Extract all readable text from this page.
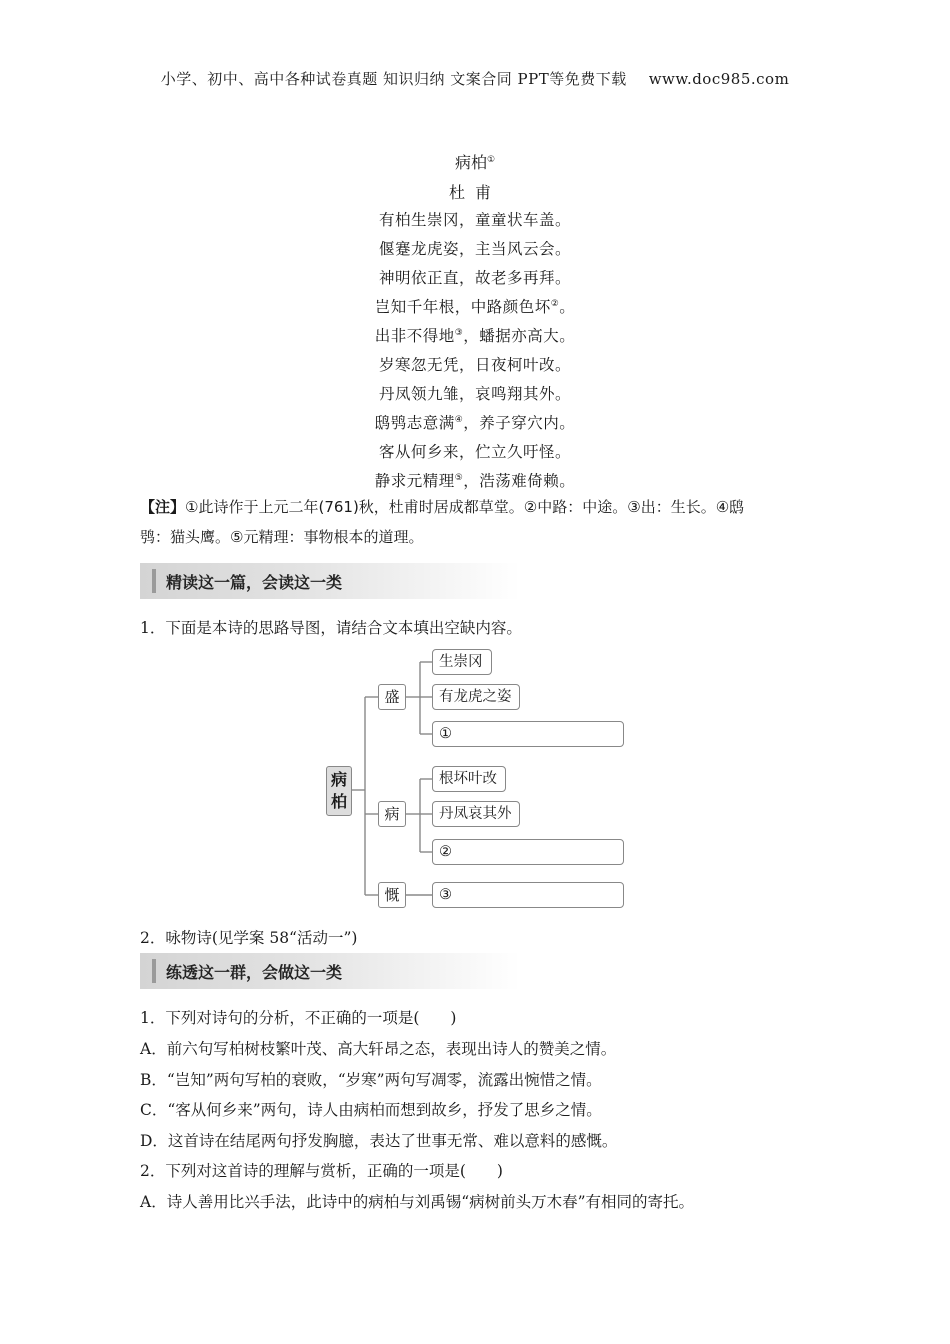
小学、初中、高中各种试卷真题 知识归纳 文案合同 PPT等免费下载 www.doc985.com
病柏①
杜甫
有柏生崇冈，童童状车盖。
偃蹇龙虎姿，主当风云会。
神明依正直，故老多再拜。
岂知千年根，中路颜色坏②。
出非不得地③，蟠据亦高大。
岁寒忽无凭，日夜柯叶改。
丹凤领九雏，哀鸣翔其外。
鸱鸮志意满④，养子穿穴内。
客从何乡来，伫立久吁怪。
静求元精理⑤，浩荡难倚赖。
【注】①此诗作于上元二年(761)秋，杜甫时居成都草堂。②中路：中途。③出：生长。④鸱
鸮：猫头鹰。⑤元精理：事物根本的道理。
精读这一篇，会读这一类
1．下面是本诗的思路导图，请结合文本填出空缺内容。
病柏
盛
病
慨
生崇冈
有龙虎之姿
①
根坏叶改
丹凤哀其外
②
③
2．咏物诗(见学案 58“活动一”)
练透这一群，会做这一类
1．下列对诗句的分析，不正确的一项是(　　)
A．前六句写柏树枝繁叶茂、高大轩昂之态，表现出诗人的赞美之情。
B．“岂知”两句写柏的衰败，“岁寒”两句写凋零，流露出惋惜之情。
C．“客从何乡来”两句，诗人由病柏而想到故乡，抒发了思乡之情。
D．这首诗在结尾两句抒发胸臆，表达了世事无常、难以意料的感慨。
2．下列对这首诗的理解与赏析，正确的一项是(　　)
A．诗人善用比兴手法，此诗中的病柏与刘禹锡“病树前头万木春”有相同的寄托。
